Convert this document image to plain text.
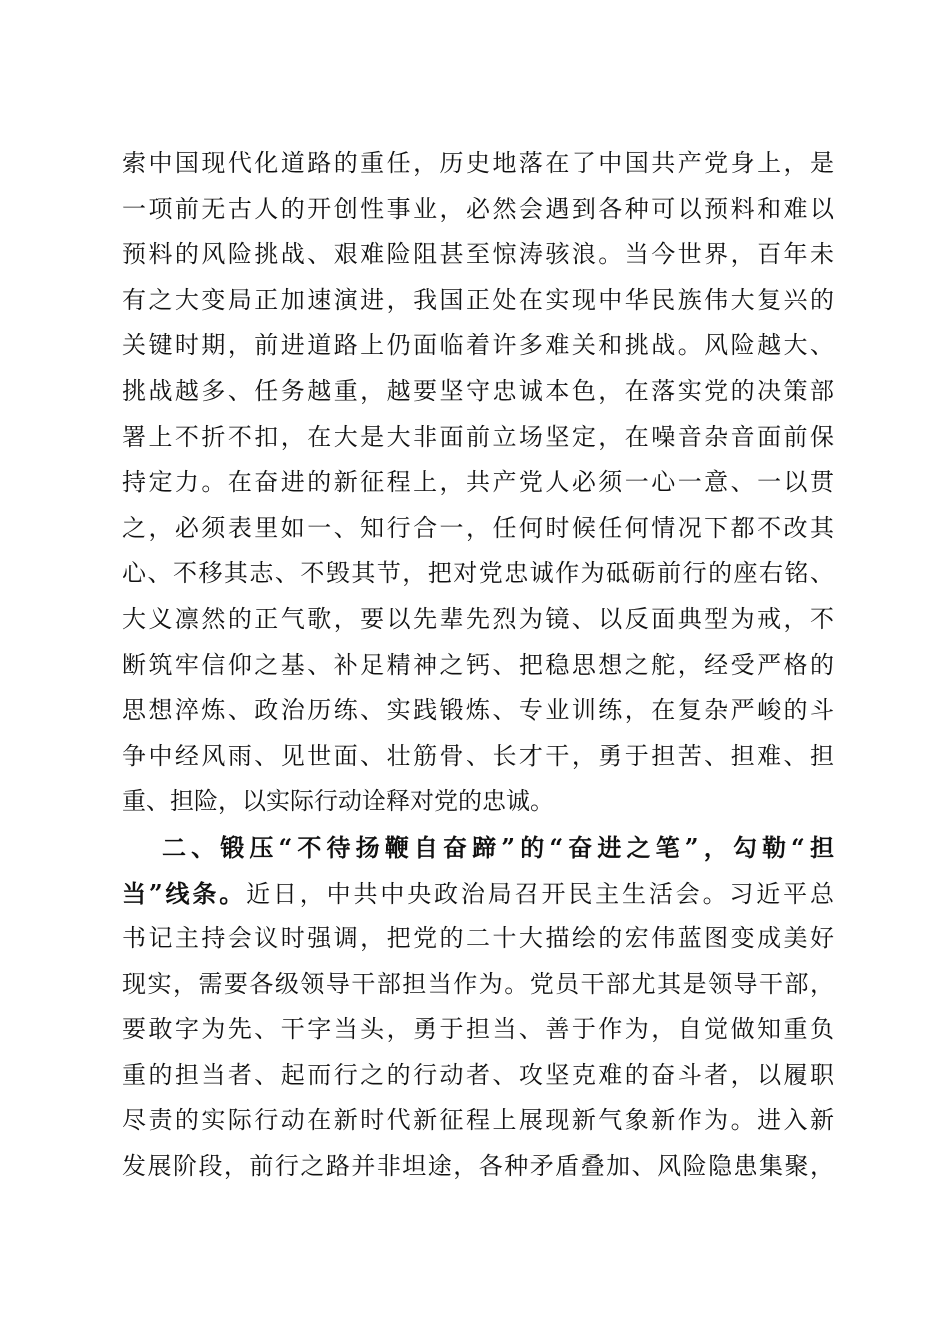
索中国现代化道路的重任，历史地落在了中国共产党身上，是
一项前无古人的开创性事业，必然会遇到各种可以预料和难以
预料的风险挑战、艰难险阻甚至惊涛骇浪。当今世界，百年未
有之大变局正加速演进，我国正处在实现中华民族伟大复兴的
关键时期，前进道路上仍面临着许多难关和挑战。风险越大、
挑战越多、任务越重，越要坚守忠诚本色，在落实党的决策部
署上不折不扣，在大是大非面前立场坚定，在噪音杂音面前保
持定力。在奋进的新征程上，共产党人必须一心一意、一以贯
之，必须表里如一、知行合一，任何时候任何情况下都不改其
心、不移其志、不毁其节，把对党忠诚作为砥砺前行的座右铭、
大义凛然的正气歌，要以先辈先烈为镜、以反面典型为戒，不
断筑牢信仰之基、补足精神之钙、把稳思想之舵，经受严格的
思想淬炼、政治历练、实践锻炼、专业训练，在复杂严峻的斗
争中经风雨、见世面、壮筋骨、长才干，勇于担苦、担难、担
重、担险，以实际行动诠释对党的忠诚。
二、锻压“不待扬鞭自奋蹄”的“奋进之笔”，勾勒“担
当”线条。近日，中共中央政治局召开民主生活会。习近平总
书记主持会议时强调，把党的二十大描绘的宏伟蓝图变成美好
现实，需要各级领导干部担当作为。党员干部尤其是领导干部，
要敢字为先、干字当头，勇于担当、善于作为，自觉做知重负
重的担当者、起而行之的行动者、攻坚克难的奋斗者，以履职
尽责的实际行动在新时代新征程上展现新气象新作为。进入新
发展阶段，前行之路并非坦途，各种矛盾叠加、风险隐患集聚，
